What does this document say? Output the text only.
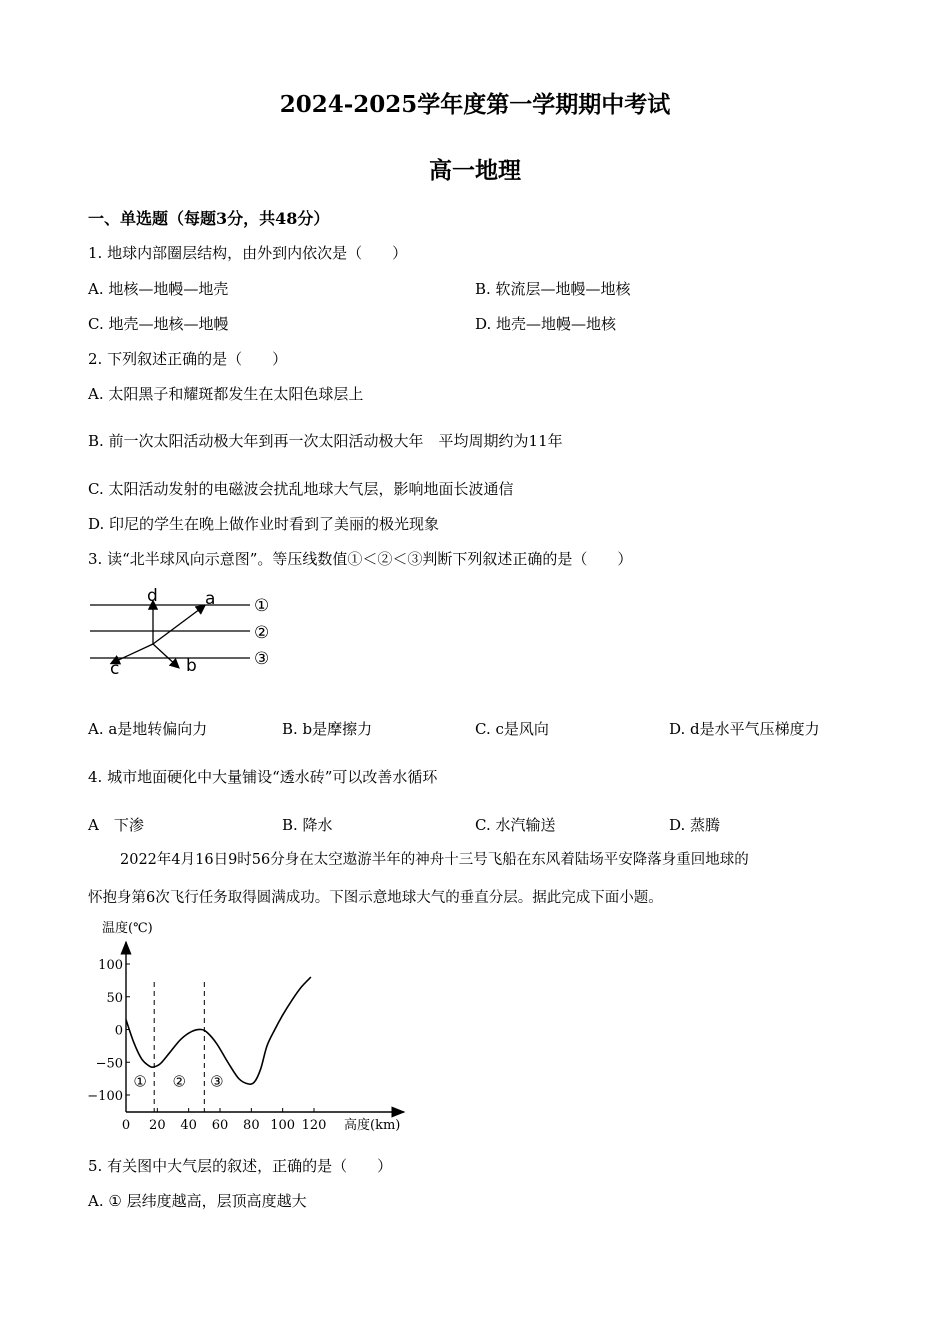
2024-2025学年度第一学期期中考试
高一地理
一、单选题（每题3分，共48分）
1. 地球内部圈层结构，由外到内依次是（　　）
A. 地核—地幔—地壳	B. 软流层—地幔—地核
C. 地壳—地核—地幔	D. 地壳—地幔—地核
2. 下列叙述正确的是（　　）
A. 太阳黑子和耀斑都发生在太阳色球层上
B. 前一次太阳活动极大年到再一次太阳活动极大年　平均周期约为11年
C. 太阳活动发射的电磁波会扰乱地球大气层，影响地面长波通信
D. 印尼的学生在晚上做作业时看到了美丽的极光现象
3. 读“北半球风向示意图”。等压线数值①＜②＜③判断下列叙述正确的是（　　）
d	a
c	b
①
②
③
A. a是地转偏向力	B. b是摩擦力	C. c是风向	D. d是水平气压梯度力
4. 城市地面硬化中大量铺设“透水砖”可以改善水循环
A　下渗	B. 降水	C. 水汽输送	D. 蒸腾
2022年4月16日9时56分身在太空遨游半年的神舟十三号飞船在东风着陆场平安降落身重回地球的
怀抱身第6次飞行任务取得圆满成功。下图示意地球大气的垂直分层。据此完成下面小题。
温度(℃)
高度(km)
0 20 40 60 80 100 120
100
50
0
−50
−100
① ② ③
5. 有关图中大气层的叙述，正确的是（　　）
A. ① 层纬度越高，层顶高度越大
